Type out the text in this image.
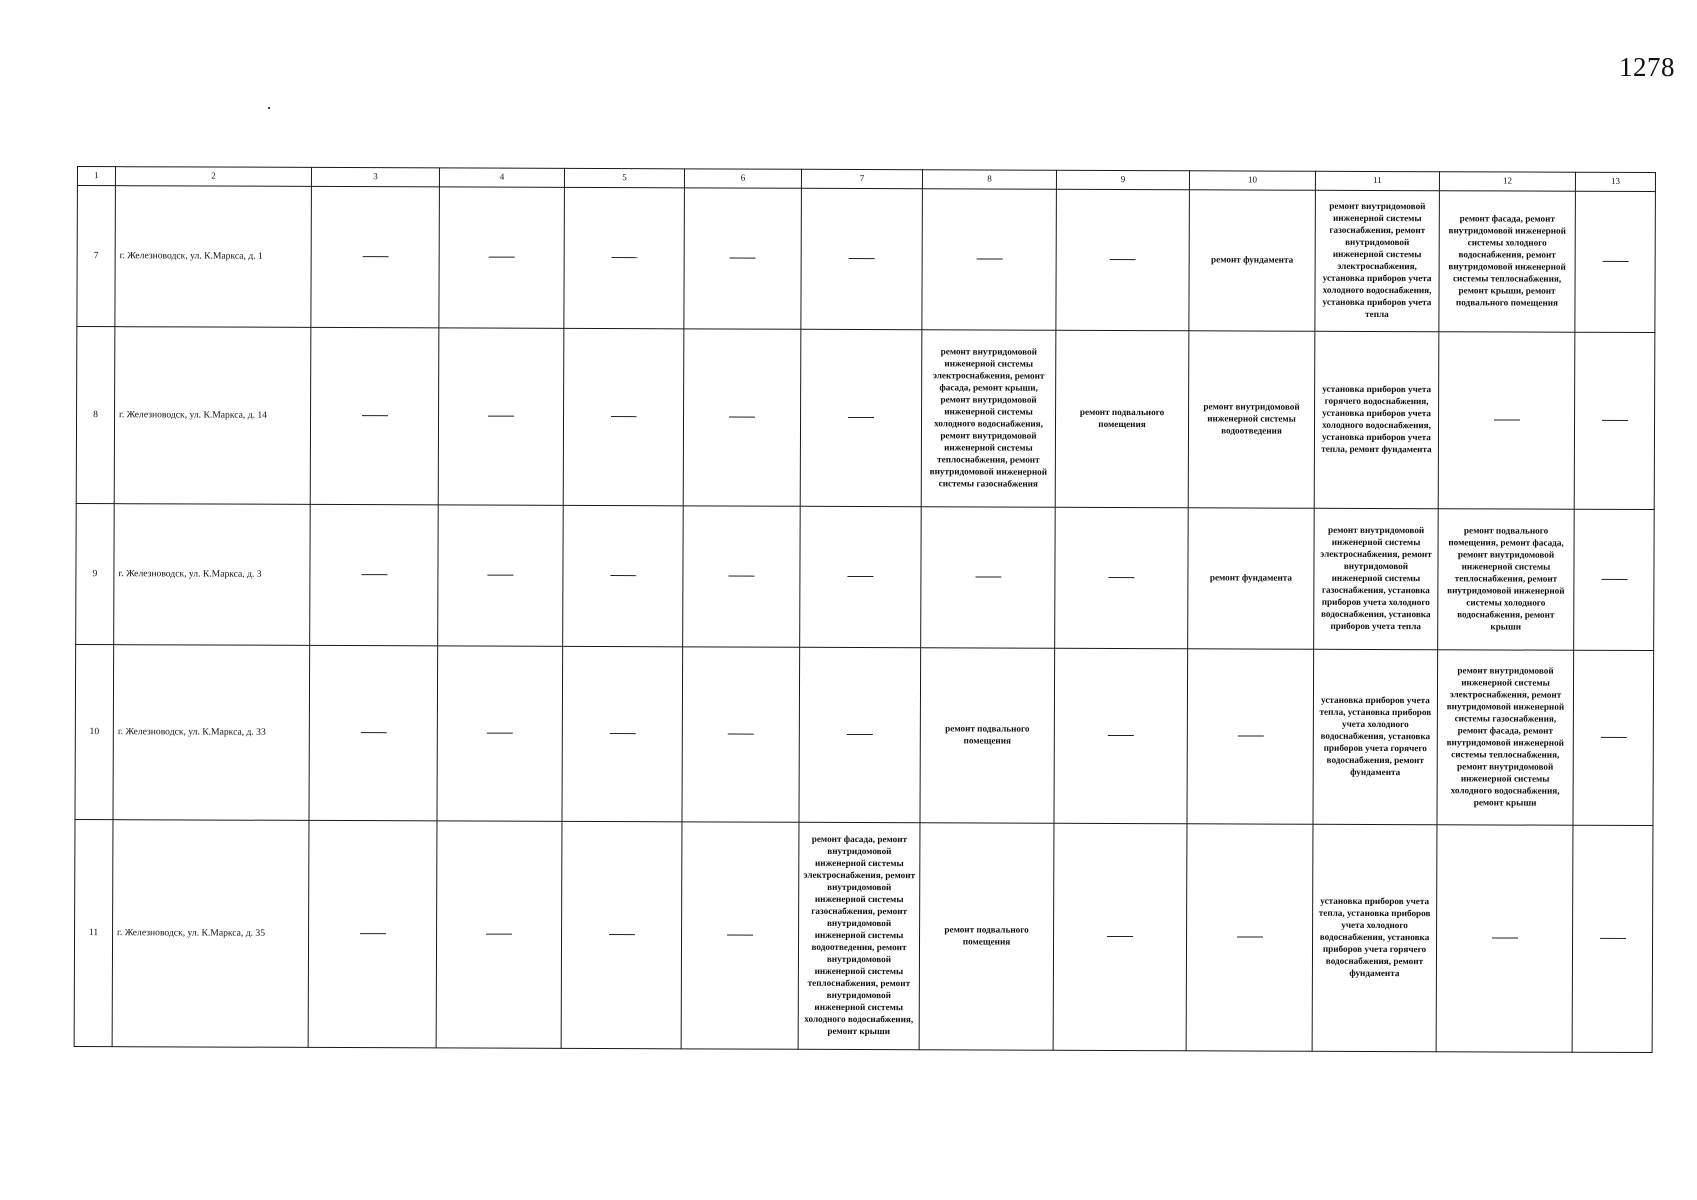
1278
1	2	3	4	5	6	7	8	9	10	11	12	13
7	г. Железноводск, ул. К.Маркса, д. 1								ремонт фундамента	ремонт внутридомовой инженерной системы газоснабжения, ремонт внутридомовой инженерной системы электроснабжения, установка приборов учета холодного водоснабжения, установка приборов учета тепла	ремонт фасада, ремонт внутридомовой инженерной системы холодного водоснабжения, ремонт внутридомовой инженерной системы теплоснабжения, ремонт крыши, ремонт подвального помещения	
8	г. Железноводск, ул. К.Маркса, д. 14						ремонт внутридомовой инженерной системы электроснабжения, ремонт фасада, ремонт крыши, ремонт внутридомовой инженерной системы холодного водоснабжения, ремонт внутридомовой инженерной системы теплоснабжения, ремонт внутридомовой инженерной системы газоснабжения	ремонт подвального помещения	ремонт внутридомовой инженерной системы водоотведения	установка приборов учета горячего водоснабжения, установка приборов учета холодного водоснабжения, установка приборов учета тепла, ремонт фундамента		
9	г. Железноводск, ул. К.Маркса, д. 3								ремонт фундамента	ремонт внутридомовой инженерной системы электроснабжения, ремонт внутридомовой инженерной системы газоснабжения, установка приборов учета холодного водоснабжения, установка приборов учета тепла	ремонт подвального помещения, ремонт фасада, ремонт внутридомовой инженерной системы теплоснабжения, ремонт внутридомовой инженерной системы холодного водоснабжения, ремонт крыши	
10	г. Железноводск, ул. К.Маркса, д. 33						ремонт подвального помещения			установка приборов учета тепла, установка приборов учета холодного водоснабжения, установка приборов учета горячего водоснабжения, ремонт фундамента	ремонт внутридомовой инженерной системы электроснабжения, ремонт внутридомовой инженерной системы газоснабжения, ремонт фасада, ремонт внутридомовой инженерной системы теплоснабжения, ремонт внутридомовой инженерной системы холодного водоснабжения, ремонт крыши	
11	г. Железноводск, ул. К.Маркса, д. 35					ремонт фасада, ремонт внутридомовой инженерной системы электроснабжения, ремонт внутридомовой инженерной системы газоснабжения, ремонт внутридомовой инженерной системы водоотведения, ремонт внутридомовой инженерной системы теплоснабжения, ремонт внутридомовой инженерной системы холодного водоснабжения, ремонт крыши	ремонт подвального помещения			установка приборов учета тепла, установка приборов учета холодного водоснабжения, установка приборов учета горячего водоснабжения, ремонт фундамента		
